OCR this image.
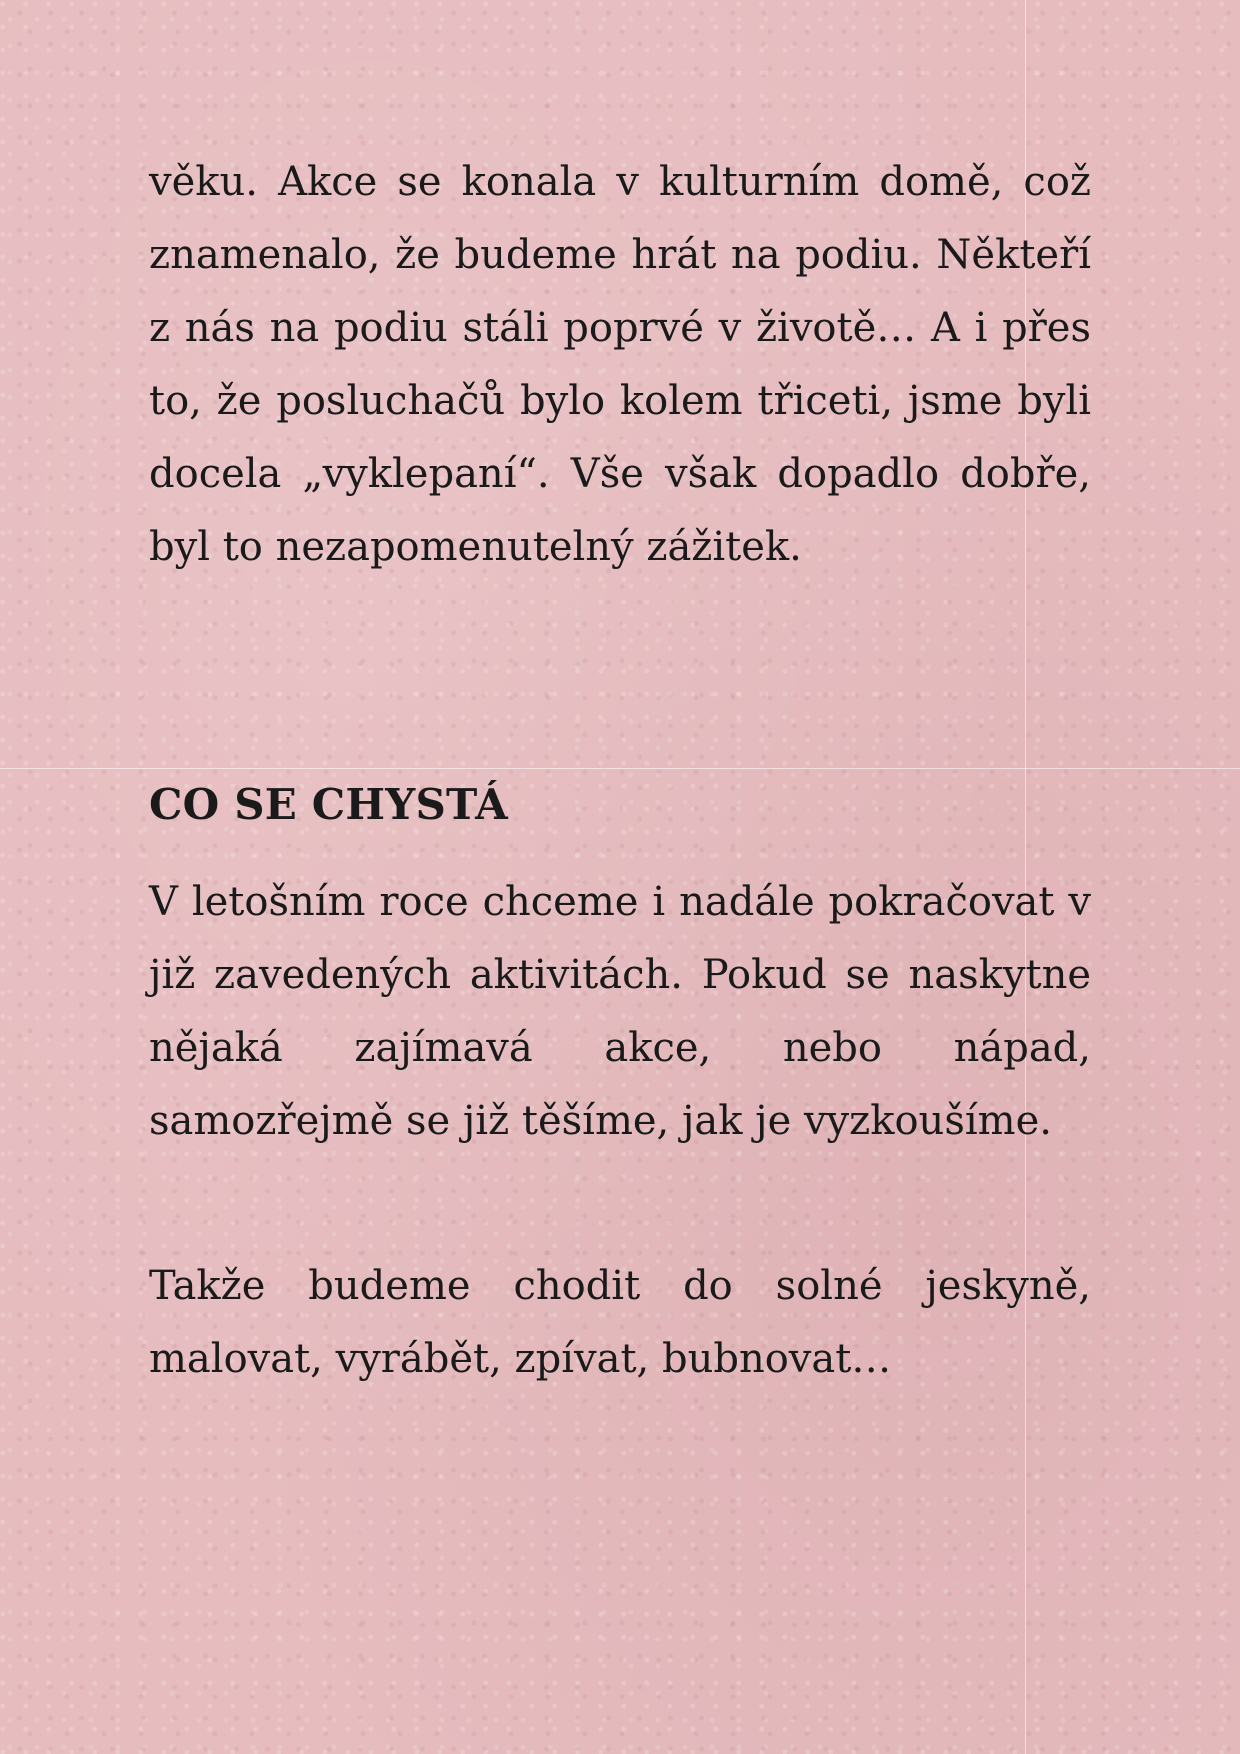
věku. Akce se konala v kulturním domě, což znamenalo, že budeme hrát na podiu. Někteří z nás na podiu stáli poprvé v životě… A i přes to, že posluchačů bylo kolem třiceti, jsme byli docela „vyklepaní“. Vše však dopadlo dobře, byl to nezapomenutelný zážitek.

CO SE CHYSTÁ

V letošním roce chceme i nadále pokračovat v již zavedených aktivitách. Pokud se naskytne nějaká zajímavá akce, nebo nápad, samozřejmě se již těšíme, jak je vyzkoušíme.

Takže budeme chodit do solné jeskyně, malovat, vyrábět, zpívat, bubnovat…
